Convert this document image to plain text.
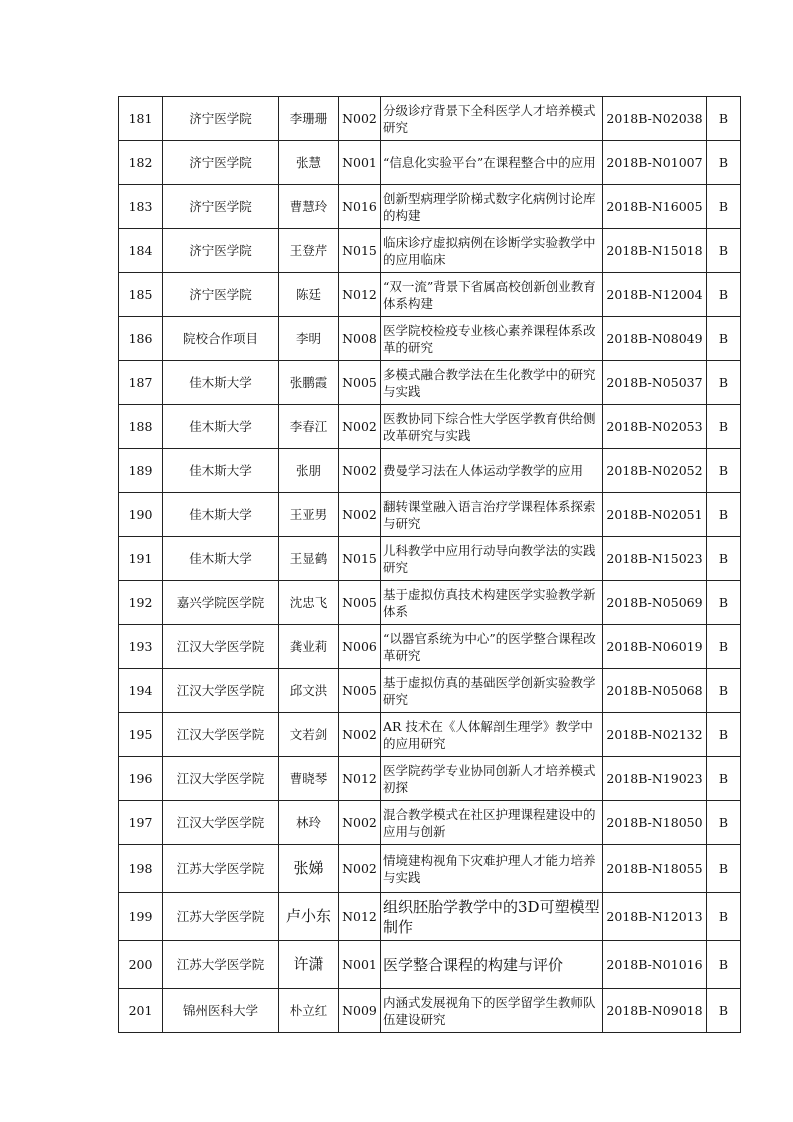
181	济宁医学院	李珊珊	N002	分级诊疗背景下全科医学人才培养模式研究	2018B-N02038	B
182	济宁医学院	张慧	N001	“信息化实验平台”在课程整合中的应用	2018B-N01007	B
183	济宁医学院	曹慧玲	N016	创新型病理学阶梯式数字化病例讨论库的构建	2018B-N16005	B
184	济宁医学院	王登芹	N015	临床诊疗虚拟病例在诊断学实验教学中的应用临床	2018B-N15018	B
185	济宁医学院	陈廷	N012	“双一流”背景下省属高校创新创业教育体系构建	2018B-N12004	B
186	院校合作项目	李明	N008	医学院校检疫专业核心素养课程体系改革的研究	2018B-N08049	B
187	佳木斯大学	张鹏霞	N005	多模式融合教学法在生化教学中的研究与实践	2018B-N05037	B
188	佳木斯大学	李春江	N002	医教协同下综合性大学医学教育供给侧改革研究与实践	2018B-N02053	B
189	佳木斯大学	张朋	N002	费曼学习法在人体运动学教学的应用	2018B-N02052	B
190	佳木斯大学	王亚男	N002	翻转课堂融入语言治疗学课程体系探索与研究	2018B-N02051	B
191	佳木斯大学	王显鹤	N015	儿科教学中应用行动导向教学法的实践研究	2018B-N15023	B
192	嘉兴学院医学院	沈忠飞	N005	基于虚拟仿真技术构建医学实验教学新体系	2018B-N05069	B
193	江汉大学医学院	龚业莉	N006	“以器官系统为中心”的医学整合课程改革研究	2018B-N06019	B
194	江汉大学医学院	邱文洪	N005	基于虚拟仿真的基础医学创新实验教学研究	2018B-N05068	B
195	江汉大学医学院	文若剑	N002	AR 技术在《人体解剖生理学》教学中的应用研究	2018B-N02132	B
196	江汉大学医学院	曹晓琴	N012	医学院药学专业协同创新人才培养模式初探	2018B-N19023	B
197	江汉大学医学院	林玲	N002	混合教学模式在社区护理课程建设中的应用与创新	2018B-N18050	B
198	江苏大学医学院	张娣	N002	情境建构视角下灾难护理人才能力培养与实践	2018B-N18055	B
199	江苏大学医学院	卢小东	N012	组织胚胎学教学中的3D可塑模型制作	2018B-N12013	B
200	江苏大学医学院	许潇	N001	医学整合课程的构建与评价	2018B-N01016	B
201	锦州医科大学	朴立红	N009	内涵式发展视角下的医学留学生教师队伍建设研究	2018B-N09018	B
